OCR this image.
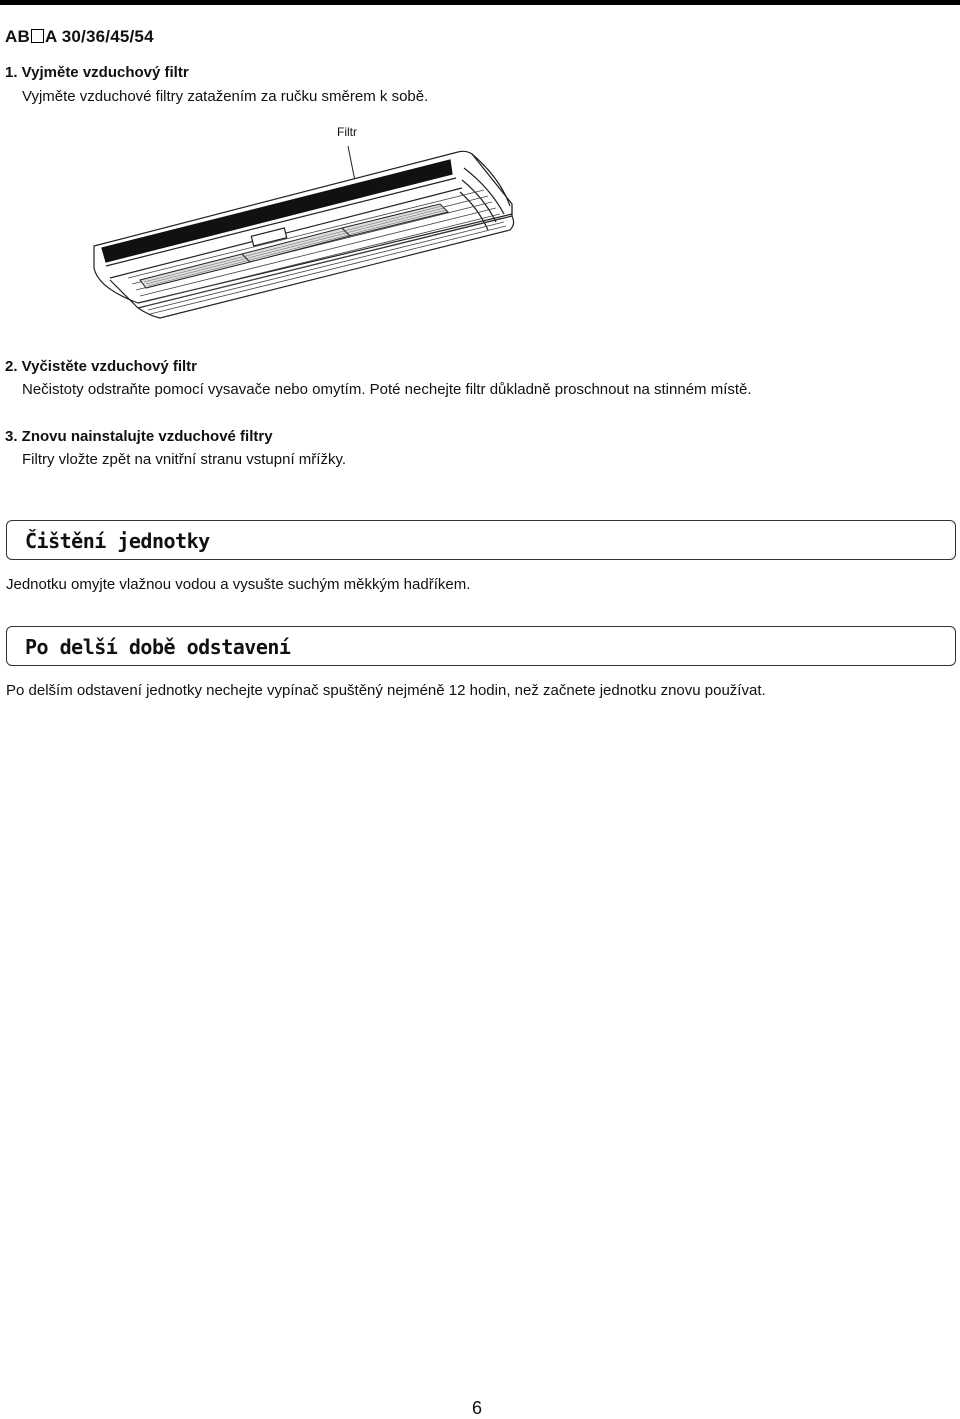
AB A 30/36/45/54
1. Vyjměte vzduchový filtr
Vyjměte vzduchové filtry zatažením za ručku směrem k sobě.
Filtr
2. Vyčistěte vzduchový filtr
Nečistoty odstraňte pomocí vysavače nebo omytím. Poté nechejte filtr důkladně proschnout na stinném místě.
3. Znovu nainstalujte vzduchové filtry
Filtry vložte zpět na vnitřní stranu vstupní mřížky.
Čištění jednotky
Jednotku omyjte vlažnou vodou a vysušte suchým měkkým hadříkem.
Po delší době odstavení
Po delším odstavení jednotky nechejte vypínač spuštěný nejméně 12 hodin, než začnete jednotku znovu používat.
6
